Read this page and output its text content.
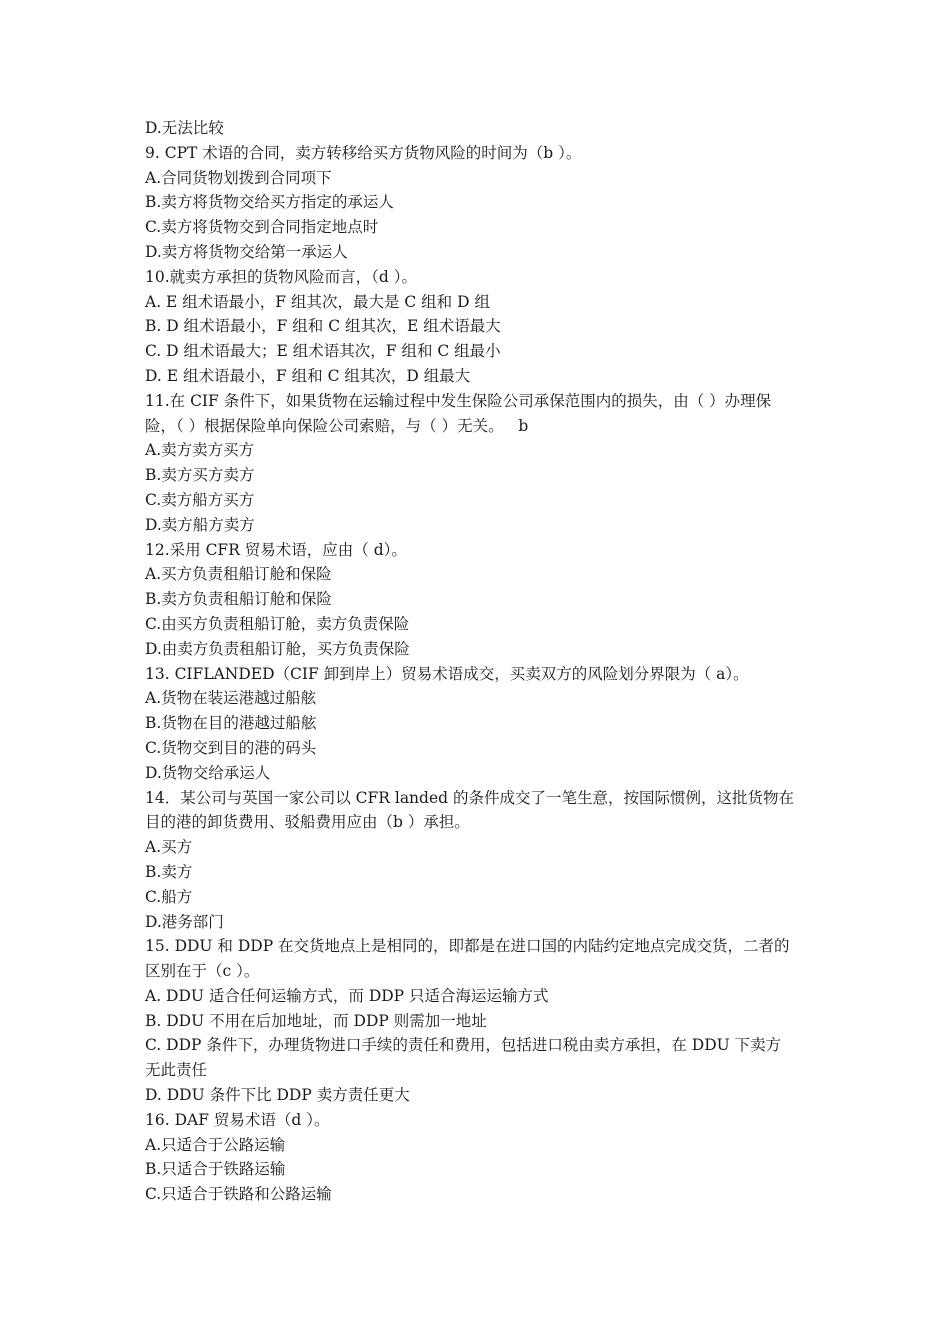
D.无法比较
9. CPT 术语的合同，卖方转移给买方货物风险的时间为（b ）。
A.合同货物划拨到合同项下
B.卖方将货物交给买方指定的承运人
C.卖方将货物交到合同指定地点时
D.卖方将货物交给第一承运人
10.就卖方承担的货物风险而言，（d ）。
A. E 组术语最小，F 组其次，最大是 C 组和 D 组
B. D 组术语最小，F 组和 C 组其次，E 组术语最大
C. D 组术语最大；E 组术语其次，F 组和 C 组最小
D. E 组术语最小，F 组和 C 组其次，D 组最大
11.在 CIF 条件下，如果货物在运输过程中发生保险公司承保范围内的损失，由（ ）办理保
险，（ ）根据保险单向保险公司索赔，与（ ）无关。   b
A.卖方卖方买方
B.卖方买方卖方
C.卖方船方买方
D.卖方船方卖方
12.采用 CFR 贸易术语，应由（ d）。
A.买方负责租船订舱和保险
B.卖方负责租船订舱和保险
C.由买方负责租船订舱，卖方负责保险
D.由卖方负责租船订舱，买方负责保险
13. CIFLANDED（CIF 卸到岸上）贸易术语成交，买卖双方的风险划分界限为（ a）。
A.货物在装运港越过船舷
B.货物在目的港越过船舷
C.货物交到目的港的码头
D.货物交给承运人
14．某公司与英国一家公司以 CFR landed 的条件成交了一笔生意，按国际惯例，这批货物在
目的港的卸货费用、驳船费用应由（b ）承担。
A.买方
B.卖方
C.船方
D.港务部门
15. DDU 和 DDP 在交货地点上是相同的，即都是在进口国的内陆约定地点完成交货，二者的
区别在于（c ）。
A. DDU 适合任何运输方式，而 DDP 只适合海运运输方式
B. DDU 不用在后加地址，而 DDP 则需加一地址
C. DDP 条件下，办理货物进口手续的责任和费用，包括进口税由卖方承担，在 DDU 下卖方
无此责任
D. DDU 条件下比 DDP 卖方责任更大
16. DAF 贸易术语（d ）。
A.只适合于公路运输
B.只适合于铁路运输
C.只适合于铁路和公路运输
